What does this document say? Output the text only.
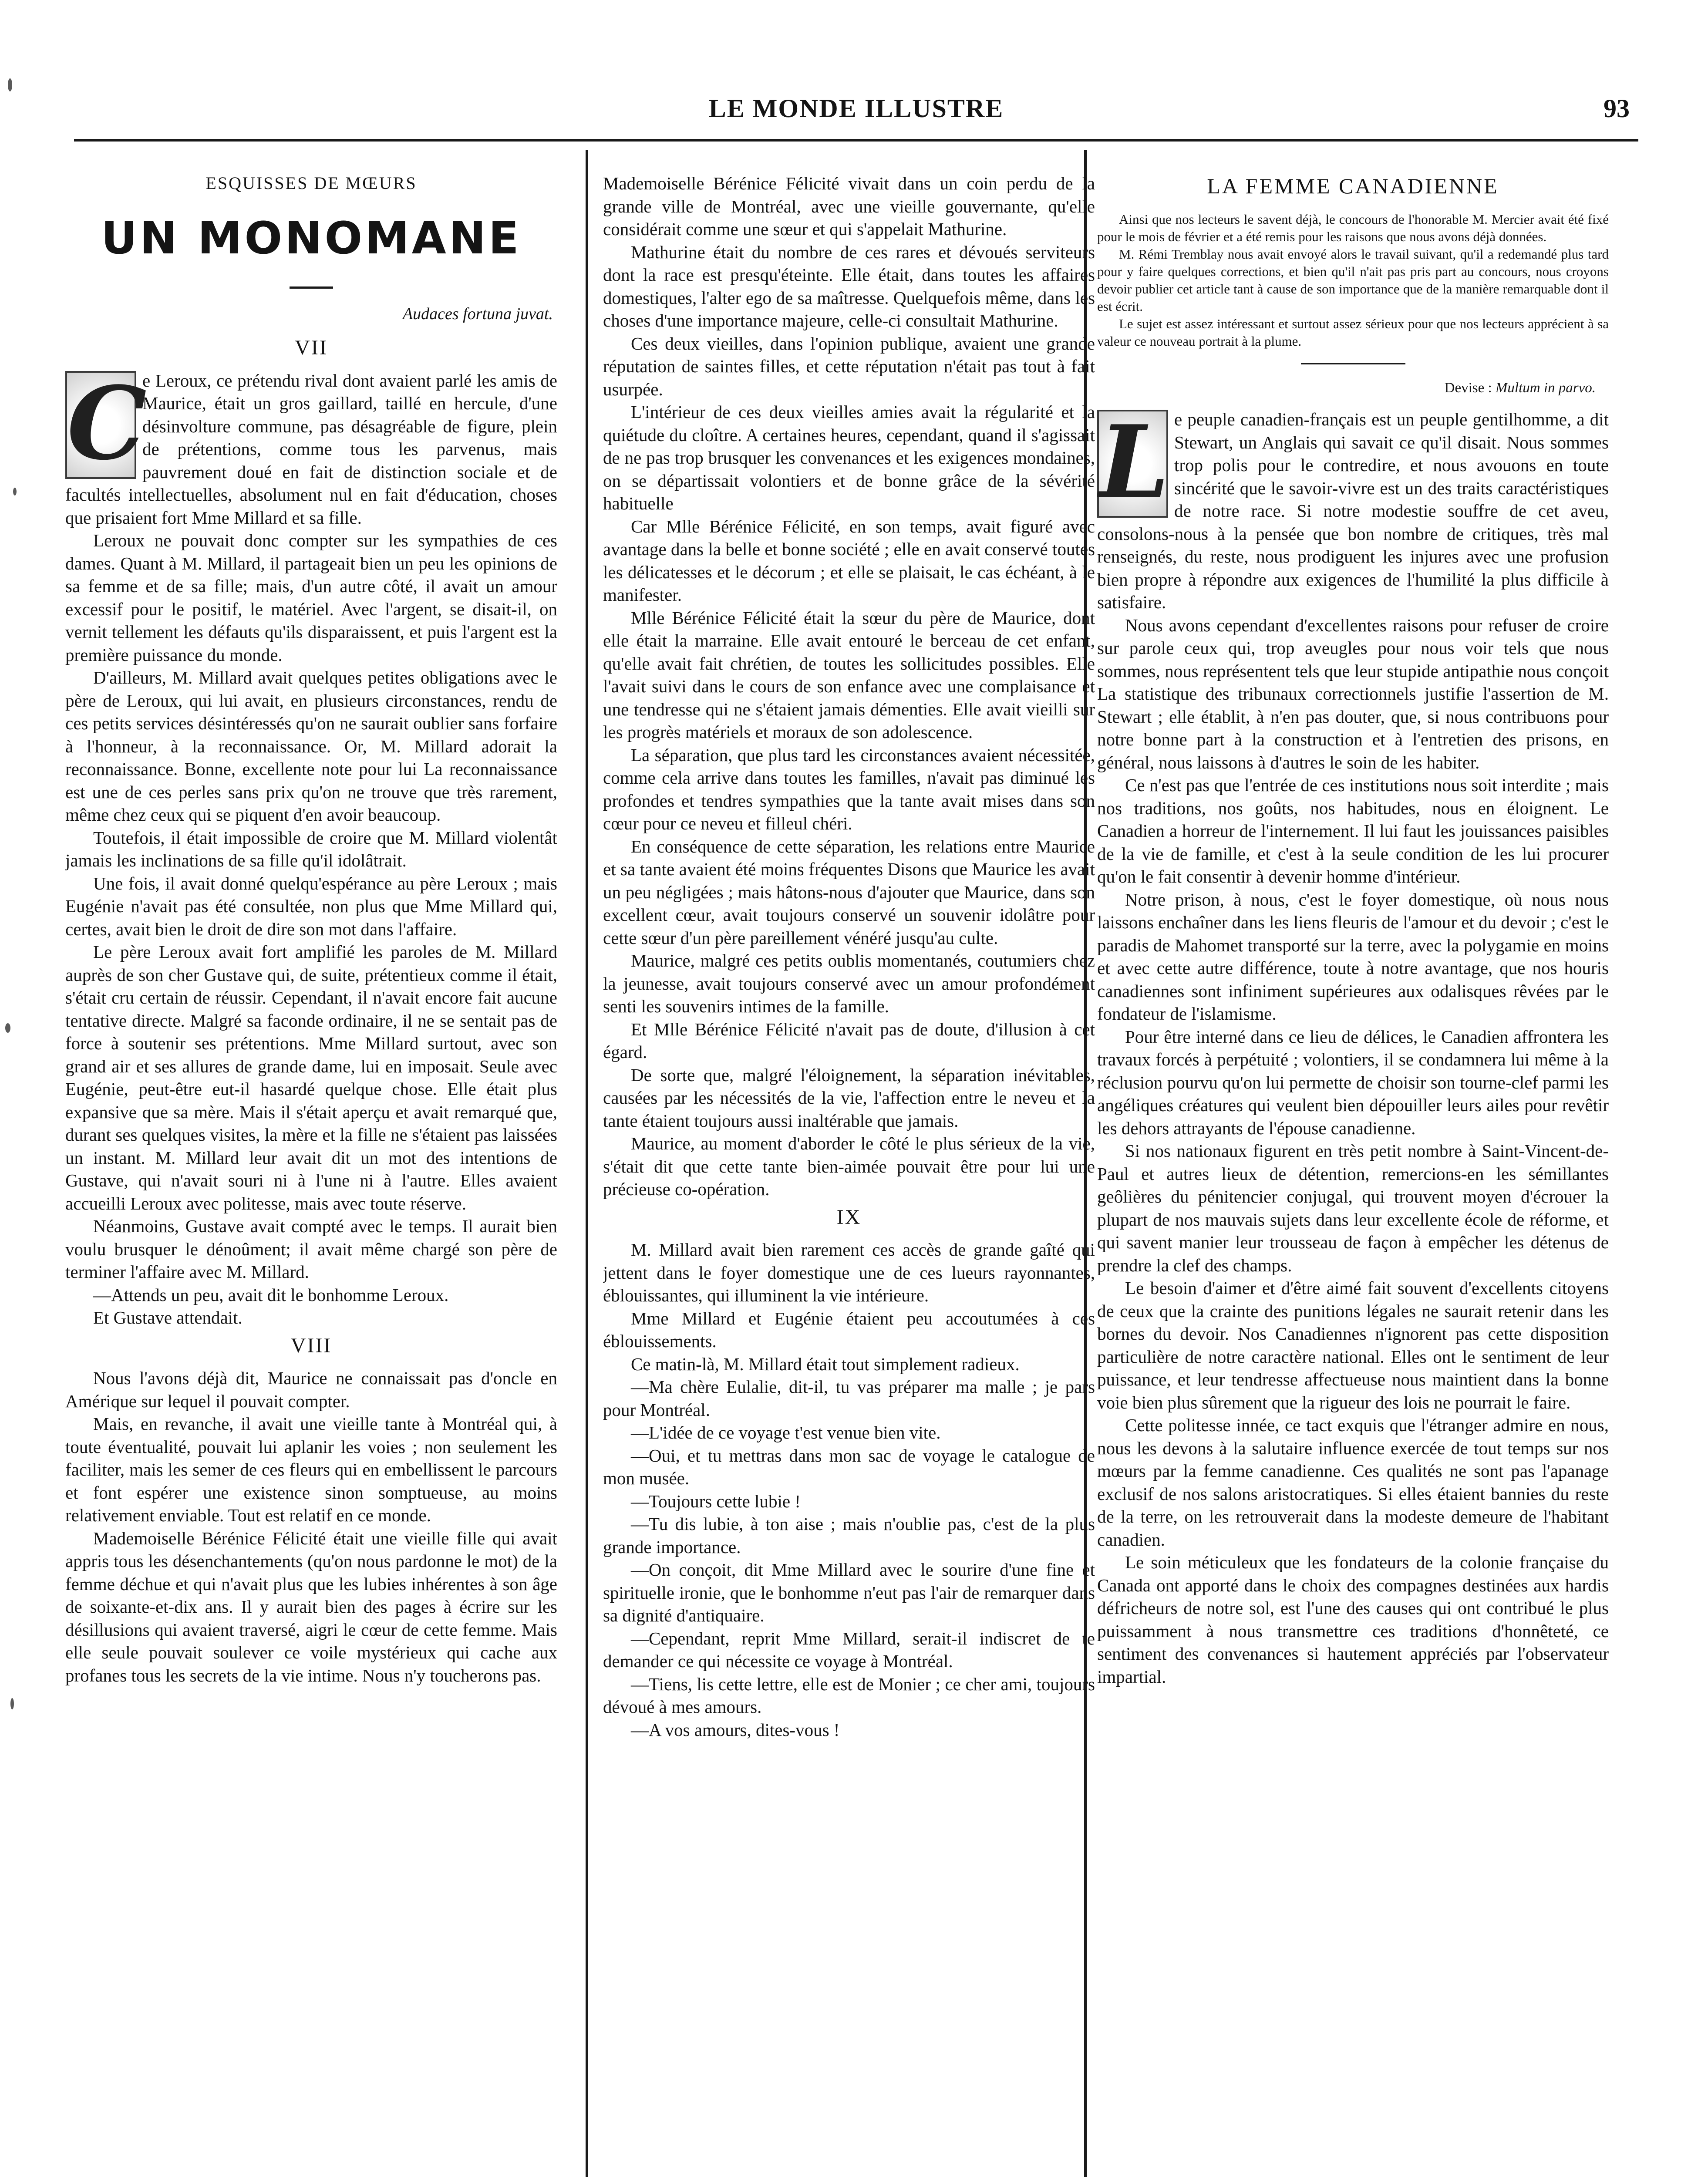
LE MONDE ILLUSTRE	93
ESQUISSES DE MŒURS
UN MONOMANE
Audaces fortuna juvat.
VII
C

e Leroux, ce prétendu rival dont avaient parlé les amis de Maurice, était un gros gaillard, taillé en hercule, d'une désinvolture commune, pas désagréable de figure, plein de prétentions, comme tous les parvenus, mais pauvrement doué en fait de distinction sociale et de facultés intellectuelles, absolument nul en fait d'éducation, choses que prisaient fort Mme Millard et sa fille.

Leroux ne pouvait donc compter sur les sympathies de ces dames. Quant à M. Millard, il partageait bien un peu les opinions de sa femme et de sa fille; mais, d'un autre côté, il avait un amour excessif pour le positif, le matériel. Avec l'argent, se disait-il, on vernit tellement les défauts qu'ils disparaissent, et puis l'argent est la première puissance du monde.

D'ailleurs, M. Millard avait quelques petites obligations avec le père de Leroux, qui lui avait, en plusieurs circonstances, rendu de ces petits services désintéressés qu'on ne saurait oublier sans forfaire à l'honneur, à la reconnaissance. Or, M. Millard adorait la reconnaissance. Bonne, excellente note pour lui La reconnaissance est une de ces perles sans prix qu'on ne trouve que très rarement, même chez ceux qui se piquent d'en avoir beaucoup.

Toutefois, il était impossible de croire que M. Millard violentât jamais les inclinations de sa fille qu'il idolâtrait.

Une fois, il avait donné quelqu'espérance au père Leroux ; mais Eugénie n'avait pas été consultée, non plus que Mme Millard qui, certes, avait bien le droit de dire son mot dans l'affaire.

Le père Leroux avait fort amplifié les paroles de M. Millard auprès de son cher Gustave qui, de suite, prétentieux comme il était, s'était cru certain de réussir. Cependant, il n'avait encore fait aucune tentative directe. Malgré sa faconde ordinaire, il ne se sentait pas de force à soutenir ses prétentions. Mme Millard surtout, avec son grand air et ses allures de grande dame, lui en imposait. Seule avec Eugénie, peut-être eut-il hasardé quelque chose. Elle était plus expansive que sa mère. Mais il s'était aperçu et avait remarqué que, durant ses quelques visites, la mère et la fille ne s'étaient pas laissées un instant. M. Millard leur avait dit un mot des intentions de Gustave, qui n'avait souri ni à l'une ni à l'autre. Elles avaient accueilli Leroux avec politesse, mais avec toute réserve.

Néanmoins, Gustave avait compté avec le temps. Il aurait bien voulu brusquer le dénoûment; il avait même chargé son père de terminer l'affaire avec M. Millard.

—Attends un peu, avait dit le bonhomme Leroux.

Et Gustave attendait.

VIII

Nous l'avons déjà dit, Maurice ne connaissait pas d'oncle en Amérique sur lequel il pouvait compter.

Mais, en revanche, il avait une vieille tante à Montréal qui, à toute éventualité, pouvait lui aplanir les voies ; non seulement les faciliter, mais les semer de ces fleurs qui en embellissent le parcours et font espérer une existence sinon somptueuse, au moins relativement enviable. Tout est relatif en ce monde.

Mademoiselle Bérénice Félicité était une vieille fille qui avait appris tous les désenchantements (qu'on nous pardonne le mot) de la femme déchue et qui n'avait plus que les lubies inhérentes à son âge de soixante-et-dix ans. Il y aurait bien des pages à écrire sur les désillusions qui avaient traversé, aigri le cœur de cette femme. Mais elle seule pouvait soulever ce voile mystérieux qui cache aux profanes tous les secrets de la vie intime. Nous n'y toucherons pas.

Mademoiselle Bérénice Félicité vivait dans un coin perdu de la grande ville de Montréal, avec une vieille gouvernante, qu'elle considérait comme une sœur et qui s'appelait Mathurine.

Mathurine était du nombre de ces rares et dévoués serviteurs dont la race est presqu'éteinte. Elle était, dans toutes les affaires domestiques, l'alter ego de sa maîtresse. Quelquefois même, dans les choses d'une importance majeure, celle-ci consultait Mathurine.

Ces deux vieilles, dans l'opinion publique, avaient une grande réputation de saintes filles, et cette réputation n'était pas tout à fait usurpée.

L'intérieur de ces deux vieilles amies avait la régularité et la quiétude du cloître. A certaines heures, cependant, quand il s'agissait de ne pas trop brusquer les convenances et les exigences mondaines, on se départissait volontiers et de bonne grâce de la sévérité habituelle

Car Mlle Bérénice Félicité, en son temps, avait figuré avec avantage dans la belle et bonne société ; elle en avait conservé toutes les délicatesses et le décorum ; et elle se plaisait, le cas échéant, à le manifester.

Mlle Bérénice Félicité était la sœur du père de Maurice, dont elle était la marraine. Elle avait entouré le berceau de cet enfant, qu'elle avait fait chrétien, de toutes les sollicitudes possibles. Elle l'avait suivi dans le cours de son enfance avec une complaisance et une tendresse qui ne s'étaient jamais démenties. Elle avait vieilli sur les progrès matériels et moraux de son adolescence.

La séparation, que plus tard les circonstances avaient nécessitée, comme cela arrive dans toutes les familles, n'avait pas diminué les profondes et tendres sympathies que la tante avait mises dans son cœur pour ce neveu et filleul chéri.

En conséquence de cette séparation, les relations entre Maurice et sa tante avaient été moins fréquentes Disons que Maurice les avait un peu négligées ; mais hâtons-nous d'ajouter que Maurice, dans son excellent cœur, avait toujours conservé un souvenir idolâtre pour cette sœur d'un père pareillement vénéré jusqu'au culte.

Maurice, malgré ces petits oublis momentanés, coutumiers chez la jeunesse, avait toujours conservé avec un amour profondément senti les souvenirs intimes de la famille.

Et Mlle Bérénice Félicité n'avait pas de doute, d'illusion à cet égard.

De sorte que, malgré l'éloignement, la séparation inévitables, causées par les nécessités de la vie, l'affection entre le neveu et la tante étaient toujours aussi inaltérable que jamais.

Maurice, au moment d'aborder le côté le plus sérieux de la vie, s'était dit que cette tante bien-aimée pouvait être pour lui une précieuse co-opération.

IX

M. Millard avait bien rarement ces accès de grande gaîté qui jettent dans le foyer domestique une de ces lueurs rayonnantes, éblouissantes, qui illuminent la vie intérieure.

Mme Millard et Eugénie étaient peu accoutumées à ces éblouissements.

Ce matin-là, M. Millard était tout simplement radieux.

—Ma chère Eulalie, dit-il, tu vas préparer ma malle ; je pars pour Montréal.

—L'idée de ce voyage t'est venue bien vite.

—Oui, et tu mettras dans mon sac de voyage le catalogue de mon musée.

—Toujours cette lubie !

—Tu dis lubie, à ton aise ; mais n'oublie pas, c'est de la plus grande importance.

—On conçoit, dit Mme Millard avec le sourire d'une fine et spirituelle ironie, que le bonhomme n'eut pas l'air de remarquer dans sa dignité d'antiquaire.

—Cependant, reprit Mme Millard, serait-il indiscret de te demander ce qui nécessite ce voyage à Montréal.

—Tiens, lis cette lettre, elle est de Monier ; ce cher ami, toujours dévoué à mes amours.

—A vos amours, dites-vous !

LA FEMME CANADIENNE

Ainsi que nos lecteurs le savent déjà, le concours de l'honorable M. Mercier avait été fixé pour le mois de février et a été remis pour les raisons que nous avons déjà données.

M. Rémi Tremblay nous avait envoyé alors le travail suivant, qu'il a redemandé plus tard pour y faire quelques corrections, et bien qu'il n'ait pas pris part au concours, nous croyons devoir publier cet article tant à cause de son importance que de la manière remarquable dont il est écrit.

Le sujet est assez intéressant et surtout assez sérieux pour que nos lecteurs apprécient à sa valeur ce nouveau portrait à la plume.

Devise : Multum in parvo.
L e peuple canadien-français est un peuple gentilhomme, a dit Stewart, un Anglais qui savait ce qu'il disait. Nous sommes trop polis pour le contredire, et nous avouons en toute sincérité que le savoir-vivre est un des traits caractéristiques de notre race. Si notre modestie souffre de cet aveu, consolons-nous à la pensée que bon nombre de critiques, très mal renseignés, du reste, nous prodiguent les injures avec une profusion bien propre à répondre aux exigences de l'humilité la plus difficile à satisfaire.

Nous avons cependant d'excellentes raisons pour refuser de croire sur parole ceux qui, trop aveugles pour nous voir tels que nous sommes, nous représentent tels que leur stupide antipathie nous conçoit La statistique des tribunaux correctionnels justifie l'assertion de M. Stewart ; elle établit, à n'en pas douter, que, si nous contribuons pour notre bonne part à la construction et à l'entretien des prisons, en général, nous laissons à d'autres le soin de les habiter.

Ce n'est pas que l'entrée de ces institutions nous soit interdite ; mais nos traditions, nos goûts, nos habitudes, nous en éloignent. Le Canadien a horreur de l'internement. Il lui faut les jouissances paisibles de la vie de famille, et c'est à la seule condition de les lui procurer qu'on le fait consentir à devenir homme d'intérieur.

Notre prison, à nous, c'est le foyer domestique, où nous nous laissons enchaîner dans les liens fleuris de l'amour et du devoir ; c'est le paradis de Mahomet transporté sur la terre, avec la polygamie en moins et avec cette autre différence, toute à notre avantage, que nos houris canadiennes sont infiniment supérieures aux odalisques rêvées par le fondateur de l'islamisme.

Pour être interné dans ce lieu de délices, le Canadien affrontera les travaux forcés à perpétuité ; volontiers, il se condamnera lui même à la réclusion pourvu qu'on lui permette de choisir son tourne-clef parmi les angéliques créatures qui veulent bien dépouiller leurs ailes pour revêtir les dehors attrayants de l'épouse canadienne.

Si nos nationaux figurent en très petit nombre à Saint-Vincent-de-Paul et autres lieux de détention, remercions-en les sémillantes geôlières du pénitencier conjugal, qui trouvent moyen d'écrouer la plupart de nos mauvais sujets dans leur excellente école de réforme, et qui savent manier leur trousseau de façon à empêcher les détenus de prendre la clef des champs.

Le besoin d'aimer et d'être aimé fait souvent d'excellents citoyens de ceux que la crainte des punitions légales ne saurait retenir dans les bornes du devoir. Nos Canadiennes n'ignorent pas cette disposition particulière de notre caractère national. Elles ont le sentiment de leur puissance, et leur tendresse affectueuse nous maintient dans la bonne voie bien plus sûrement que la rigueur des lois ne pourrait le faire.

Cette politesse innée, ce tact exquis que l'étranger admire en nous, nous les devons à la salutaire influence exercée de tout temps sur nos mœurs par la femme canadienne. Ces qualités ne sont pas l'apanage exclusif de nos salons aristocratiques. Si elles étaient bannies du reste de la terre, on les retrouverait dans la modeste demeure de l'habitant canadien.

Le soin méticuleux que les fondateurs de la colonie française du Canada ont apporté dans le choix des compagnes destinées aux hardis défricheurs de notre sol, est l'une des causes qui ont contribué le plus puissamment à nous transmettre ces traditions d'honnêteté, ce sentiment des convenances si hautement appréciés par l'observateur impartial.
